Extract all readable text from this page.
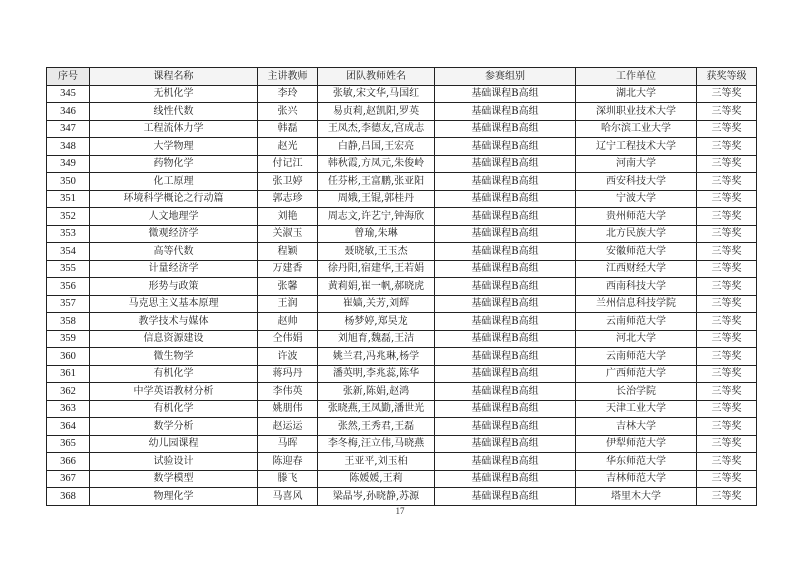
序号	课程名称	主讲教师	团队教师姓名	参赛组别	工作单位	获奖等级
345	无机化学	李玲	张敏,宋文华,马国红	基础课程B高组	湖北大学	三等奖
346	线性代数	张兴	易贞莉,赵凯阳,罗英	基础课程B高组	深圳职业技术大学	三等奖
347	工程流体力学	韩磊	王凤杰,李德友,宫成志	基础课程B高组	哈尔滨工业大学	三等奖
348	大学物理	赵光	白静,吕国,王宏亮	基础课程B高组	辽宁工程技术大学	三等奖
349	药物化学	付记江	韩秋霞,方凤元,朱俊岭	基础课程B高组	河南大学	三等奖
350	化工原理	张卫婷	任芬彬,王富鹏,张亚阳	基础课程B高组	西安科技大学	三等奖
351	环境科学概论之行动篇	郭志珍	周娥,王锟,郭桂丹	基础课程B高组	宁波大学	三等奖
352	人文地理学	刘艳	周志文,许艺宁,钟海欣	基础课程B高组	贵州师范大学	三等奖
353	微观经济学	关淑玉	曾瑜,朱琳	基础课程B高组	北方民族大学	三等奖
354	高等代数	程颖	聂晓敏,王玉杰	基础课程B高组	安徽师范大学	三等奖
355	计量经济学	万建香	徐丹阳,宿建华,王若娟	基础课程B高组	江西财经大学	三等奖
356	形势与政策	张馨	黄莉娟,崔一帆,郝晓虎	基础课程B高组	西南科技大学	三等奖
357	马克思主义基本原理	王润	崔嫱,关芳,刘辉	基础课程B高组	兰州信息科技学院	三等奖
358	教学技术与媒体	赵帅	杨梦婷,郑昊龙	基础课程B高组	云南师范大学	三等奖
359	信息资源建设	仝伟娟	刘旭育,魏磊,王洁	基础课程B高组	河北大学	三等奖
360	微生物学	许波	姚兰君,冯兆琳,杨学	基础课程B高组	云南师范大学	三等奖
361	有机化学	蒋玛丹	潘英明,李兆蕊,陈华	基础课程B高组	广西师范大学	三等奖
362	中学英语教材分析	李伟英	张新,陈娟,赵鸿	基础课程B高组	长治学院	三等奖
363	有机化学	姚朋伟	张晓燕,王凤勤,潘世光	基础课程B高组	天津工业大学	三等奖
364	数学分析	赵运运	张然,王秀君,王磊	基础课程B高组	吉林大学	三等奖
365	幼儿园课程	马晖	李冬梅,汪立伟,马晓燕	基础课程B高组	伊犁师范大学	三等奖
366	试验设计	陈迎春	王亚平,刘玉桕	基础课程B高组	华东师范大学	三等奖
367	数学模型	滕飞	陈媛媛,王莉	基础课程B高组	吉林师范大学	三等奖
368	物理化学	马喜风	梁晶岑,孙晓静,苏源	基础课程B高组	塔里木大学	三等奖
17
